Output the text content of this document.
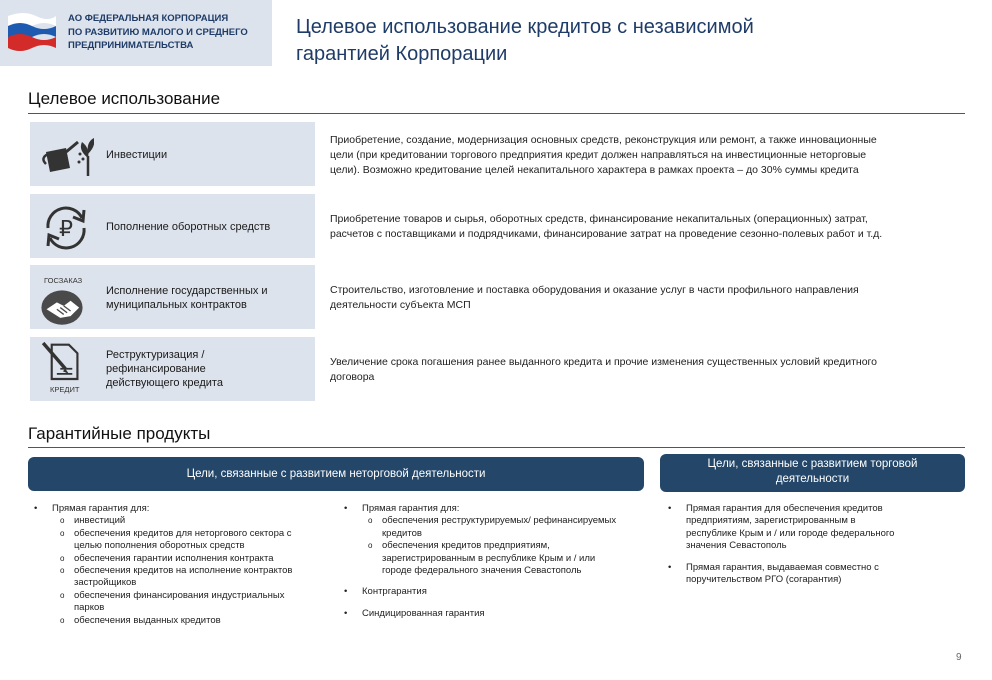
АО ФЕДЕРАЛЬНАЯ КОРПОРАЦИЯ
ПО РАЗВИТИЮ МАЛОГО И СРЕДНЕГО
ПРЕДПРИНИМАТЕЛЬСТВА
Целевое использование кредитов с независимой
гарантией Корпорации
Целевое использование
Инвестиции
Приобретение, создание, модернизация основных средств, реконструкция или ремонт, а также инновационные
цели (при кредитовании торгового предприятия кредит должен направляться на инвестиционные неторговые
цели). Возможно кредитование целей некапитального характера в рамках проекта – до 30% суммы кредита
₽	Пополнение оборотных средств
Приобретение товаров и сырья, оборотных средств, финансирование некапитальных (операционных) затрат,
расчетов с поставщиками и подрядчиками, финансирование затрат на проведение сезонно-полевых работ и т.д.
ГОСЗАКАЗ
Исполнение государственных и
муниципальных контрактов
Строительство, изготовление и поставка оборудования и оказание услуг в части профильного направления
деятельности субъекта МСП
КРЕДИТ
Реструктуризация /
рефинансирование
действующего кредита
Увеличение срока погашения ранее выданного кредита и прочие изменения существенных условий кредитного
договора
Гарантийные продукты
Цели, связанные с развитием неторговой деятельности
Цели, связанные с развитием торговой
деятельности
• Прямая гарантия для:
o инвестиций
o обеспечения кредитов для неторгового сектора с
целью пополнения оборотных средств
o обеспечения гарантии исполнения контракта
o обеспечения кредитов на исполнение контрактов
застройщиков
o обеспечения финансирования индустриальных
парков
o обеспечения выданных кредитов
• Прямая гарантия для:
o обеспечения реструктурируемых/ рефинансируемых
кредитов
o обеспечения кредитов предприятиям,
зарегистрированным в республике Крым и / или
городе федерального значения Севастополь
• Контргарантия
• Синдицированная гарантия
• Прямая гарантия для обеспечения кредитов
предприятиям, зарегистрированным в
республике Крым и / или городе федерального
значения Севастополь
• Прямая гарантия, выдаваемая совместно с
поручительством РГО (согарантия)
9
